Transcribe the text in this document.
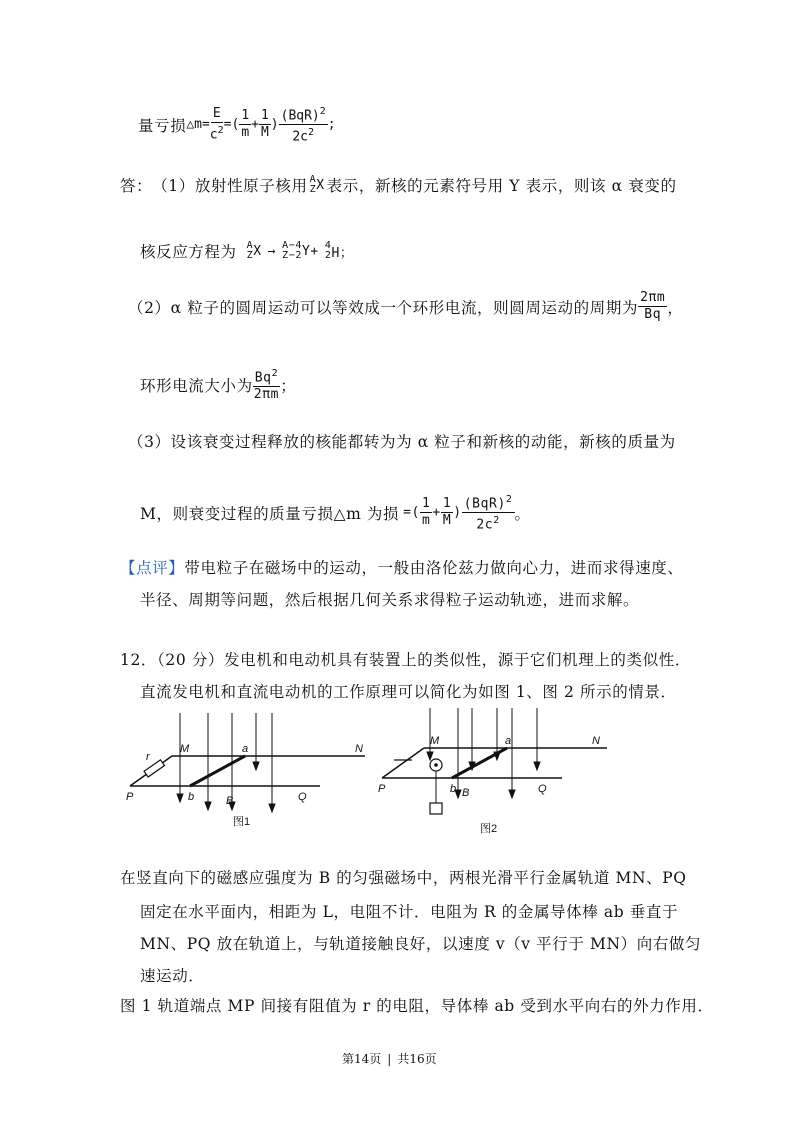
量亏损 △m= $\frac{E}{c^2}$ =( $\frac{1}{m} + \frac{1}{M}$ ) $\frac{(BqR)^2}{2c^2}$ ;
答： （1）放射性原子核用 A
Z X 表示，新核的元素符号用 Y 表示，则该 α 衰变的
核反应方程为 A
Z X → A−4
Z−2 Y+ 4
2 H；
（2）α 粒子的圆周运动可以等效成一个环形电流，则圆周运动的周期为 $\frac{2\pi m}{Bq}$ ，
环形电流大小为 $\frac{Bq^2}{2\pi m}$ ；
（3）设该衰变过程释放的核能都转为为 α 粒子和新核的动能，新核的质量为
M，则衰变过程的质量亏损△m 为损 =( $\frac{1}{m} + \frac{1}{M}$ ) $\frac{(BqR)^2}{2c^2}$ 。
【点评】带电粒子在磁场中的运动，一般由洛伦兹力做向心力，进而求得速度、
半径、周期等问题，然后根据几何关系求得粒子运动轨迹，进而求解。
12．（20 分）发电机和电动机具有装置上的类似性，源于它们机理上的类似性．
直流发电机和直流电动机的工作原理可以简化为如图 1、图 2 所示的情景．
M	a	N
P	b	B	Q
r
图1
M	a	N
P	b B	Q
图2
在竖直向下的磁感应强度为 B 的匀强磁场中，两根光滑平行金属轨道 MN、PQ
固定在水平面内，相距为 L，电阻不计．电阻为 R 的金属导体棒 ab 垂直于
MN、PQ 放在轨道上，与轨道接触良好，以速度 v（v 平行于 MN）向右做匀
速运动．
图 1 轨道端点 MP 间接有阻值为 r 的电阻，导体棒 ab 受到水平向右的外力作用．
第14页 | 共16页
